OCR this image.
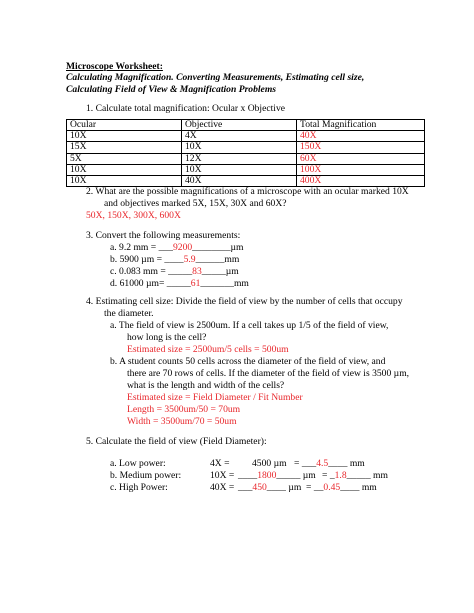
Microscope Worksheet:
Calculating Magnification. Converting Measurements, Estimating cell size,
Calculating Field of View & Magnification Problems
1. Calculate total magnification: Ocular x Objective
Ocular	Objective	Total Magnification
10X	4X	40X
15X	10X	150X
5X	12X	60X
10X	10X	100X
10X	40X	400X
2. What are the possible magnifications of a microscope with an ocular marked 10X
and objectives marked 5X, 15X, 30X and 60X?
50X, 150X, 300X, 600X
3. Convert the following measurements:
a. 9.2 mm = ___9200________µm
b. 5900 µm = ____5.9______mm
c. 0.083 mm = _____83_____µm
d. 61000 µm= _____61_______mm
4. Estimating cell size: Divide the field of view by the number of cells that occupy
the diameter.
a. The field of view is 2500um. If a cell takes up 1/5 of the field of view,
how long is the cell?
Estimated size = 2500um/5 cells = 500um
b. A student counts 50 cells across the diameter of the field of view, and
there are 70 rows of cells. If the diameter of the field of view is 3500 µm,
what is the length and width of the cells?
Estimated size = Field Diameter / Fit Number
Length = 3500um/50 = 70um
Width = 3500um/70 = 50um
5. Calculate the field of view (Field Diameter):
a. Low power:	4X = 4500 µm = ___4.5____ mm
b. Medium power:	10X = ____1800_____ µm = _1.8_____ mm
c. High Power:	40X = ___450____ µm = __0.45____ mm
